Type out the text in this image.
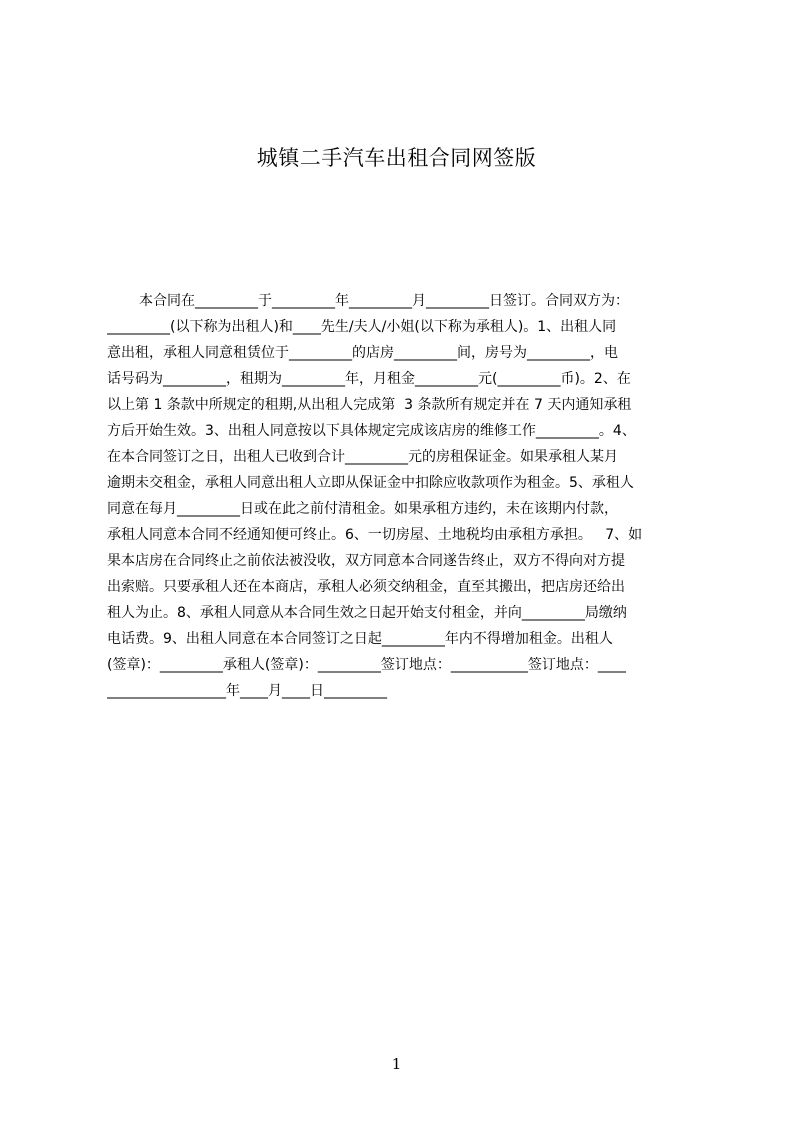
城镇二手汽车出租合同网签版
本合同在_________于_________年_________月_________日签订。合同双方为：
_________(以下称为出租人)和____先生/夫人/小姐(以下称为承租人)。1、出租人同
意出租，承租人同意租赁位于_________的店房_________间，房号为_________，电
话号码为_________，租期为_________年，月租金_________元(_________币)。2、在
以上第 1 条款中所规定的租期,从出租人完成第  3 条款所有规定并在 7 天内通知承租
方后开始生效。3、出租人同意按以下具体规定完成该店房的维修工作_________。4、
在本合同签订之日，出租人已收到合计_________元的房租保证金。如果承租人某月
逾期未交租金，承租人同意出租人立即从保证金中扣除应收款项作为租金。5、承租人
同意在每月_________日或在此之前付清租金。如果承租方违约，未在该期内付款，
承租人同意本合同不经通知便可终止。6、一切房屋、土地税均由承租方承担。   7、如
果本店房在合同终止之前依法被没收，双方同意本合同遂告终止，双方不得向对方提
出索赔。只要承租人还在本商店，承租人必须交纳租金，直至其搬出，把店房还给出
租人为止。8、承租人同意从本合同生效之日起开始支付租金，并向_________局缴纳
电话费。9、出租人同意在本合同签订之日起_________年内不得增加租金。出租人
(签章)：_________承租人(签章)：_________签订地点：___________签订地点：____
_________________年____月____日_________
1
